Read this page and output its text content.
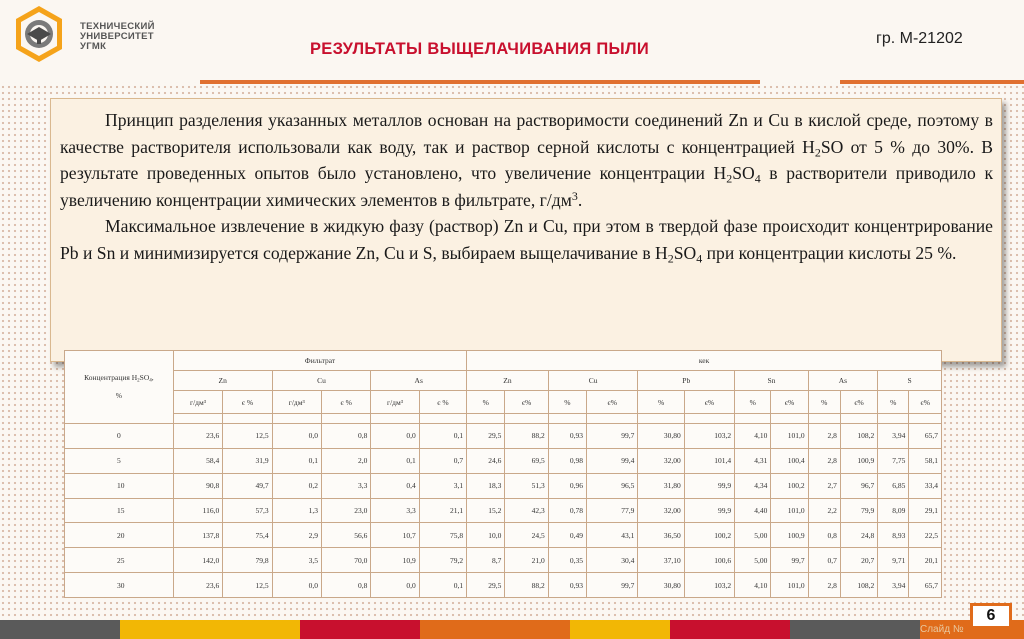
ТЕХНИЧЕСКИЙ
УНИВЕРСИТЕТ
УГМК	РЕЗУЛЬТАТЫ ВЫЩЕЛАЧИВАНИЯ ПЫЛИ
гр. М-21202

Принцип разделения указанных металлов основан на растворимости соединений Zn и Cu в кислой среде, поэтому в качестве растворителя использовали как воду, так и раствор серной кислоты с концентрацией $H_2SO$ от 5 % до 30%. В результате проведенных опытов было установлено, что увеличение концентрации $H_2SO_4$ в растворители приводило к увеличению концентрации химических элементов в фильтрате, $г/дм^3$.

Максимальное извлечение в жидкую фазу (раствор) Zn и Cu, при этом в твердой фазе происходит концентрирование Pb и Sn и минимизируется содержание Zn, Cu и S, выбираем выщелачивание в $H_2SO_4$ при концентрации кислоты 25 %.

Концентрация $H_2SO_4$,

%	Фильтрат						кек											
	Zn		Cu		As		Zn		Cu		Pb		Sn		As		S	
	г/дм³	є %	г/дм³	є %	г/дм³	є %	%	є%	%	є%	%	є%	%	є%	%	є%	%	є%

0	23,6	12,5	0,0	0,8	0,0	0,1	29,5	88,2	0,93	99,7	30,80	103,2	4,10	101,0	2,8	108,2	3,94	65,7
5	58,4	31,9	0,1	2,0	0,1	0,7	24,6	69,5	0,98	99,4	32,00	101,4	4,31	100,4	2,8	100,9	7,75	58,1
10	90,8	49,7	0,2	3,3	0,4	3,1	18,3	51,3	0,96	96,5	31,80	99,9	4,34	100,2	2,7	96,7	6,85	33,4
15	116,0	57,3	1,3	23,0	3,3	21,1	15,2	42,3	0,78	77,9	32,00	99,9	4,40	101,0	2,2	79,9	8,09	29,1
20	137,8	75,4	2,9	56,6	10,7	75,8	10,0	24,5	0,49	43,1	36,50	100,2	5,00	100,9	0,8	24,8	8,93	22,5
25	142,0	79,8	3,5	70,0	10,9	79,2	8,7	21,0	0,35	30,4	37,10	100,6	5,00	99,7	0,7	20,7	9,71	20,1
30	23,6	12,5	0,0	0,8	0,0	0,1	29,5	88,2	0,93	99,7	30,80	103,2	4,10	101,0	2,8	108,2	3,94	65,7
Слайд №
6
